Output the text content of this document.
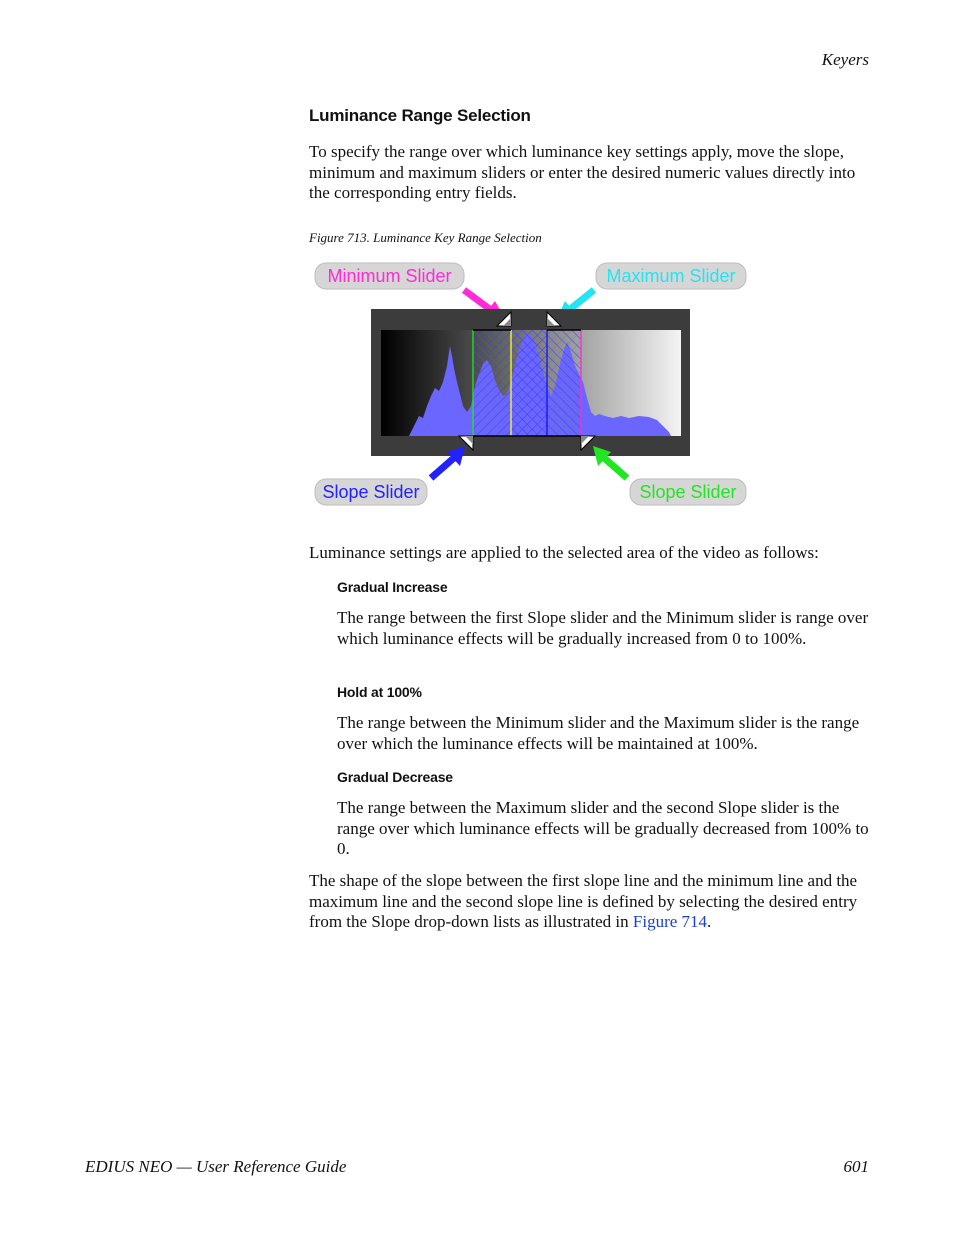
Keyers
Luminance Range Selection
To specify the range over which luminance key settings apply, move the slope, minimum and maximum sliders or enter the desired numeric values directly into the corresponding entry fields.
Figure 713. Luminance Key Range Selection
Minimum Slider	Maximum Slider
Slope Slider	Slope Slider
Luminance settings are applied to the selected area of the video as follows:
Gradual Increase
The range between the first Slope slider and the Minimum slider is range over which luminance effects will be gradually increased from 0 to 100%.
Hold at 100%
The range between the Minimum slider and the Maximum slider is the range over which the luminance effects will be maintained at 100%.
Gradual Decrease
The range between the Maximum slider and the second Slope slider is the range over which luminance effects will be gradually decreased from 100% to 0.
The shape of the slope between the first slope line and the minimum line and the maximum line and the second slope line is defined by selecting the desired entry from the Slope drop-down lists as illustrated in Figure 714.
EDIUS NEO — User Reference Guide	601
